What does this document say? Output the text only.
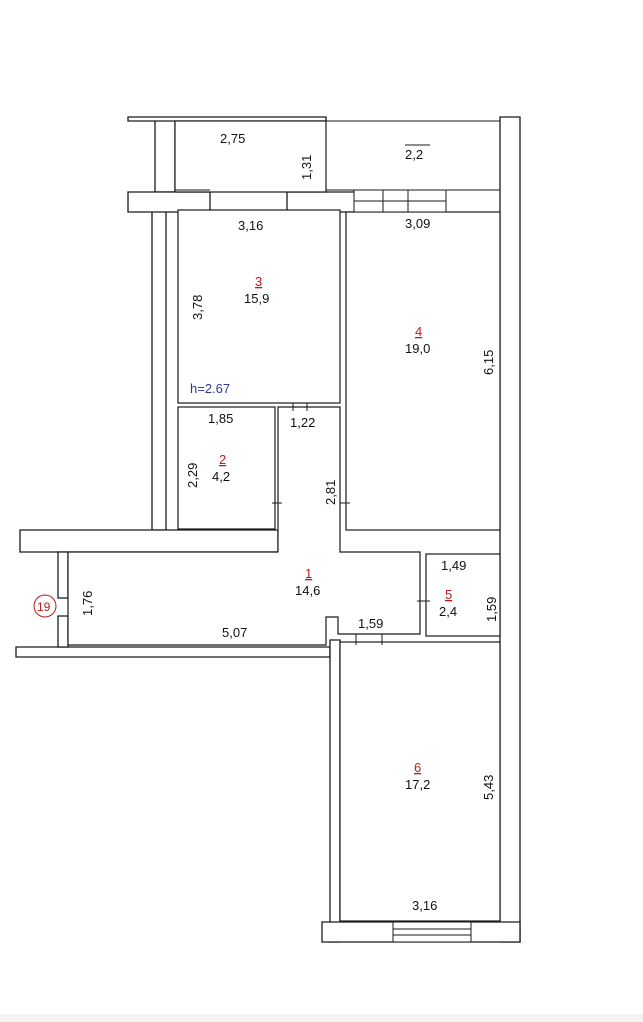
2,75
1,31
2,2
3,16
3,78
3
15,9
h=2.67
3,09
6,15
4
19,0
1,85
2,29
2
4,2
1,22
2,81
1
14,6
5,07
1,76
19
1,49
1,59
5
2,4
1,59
6
17,2	5,43
3,16
